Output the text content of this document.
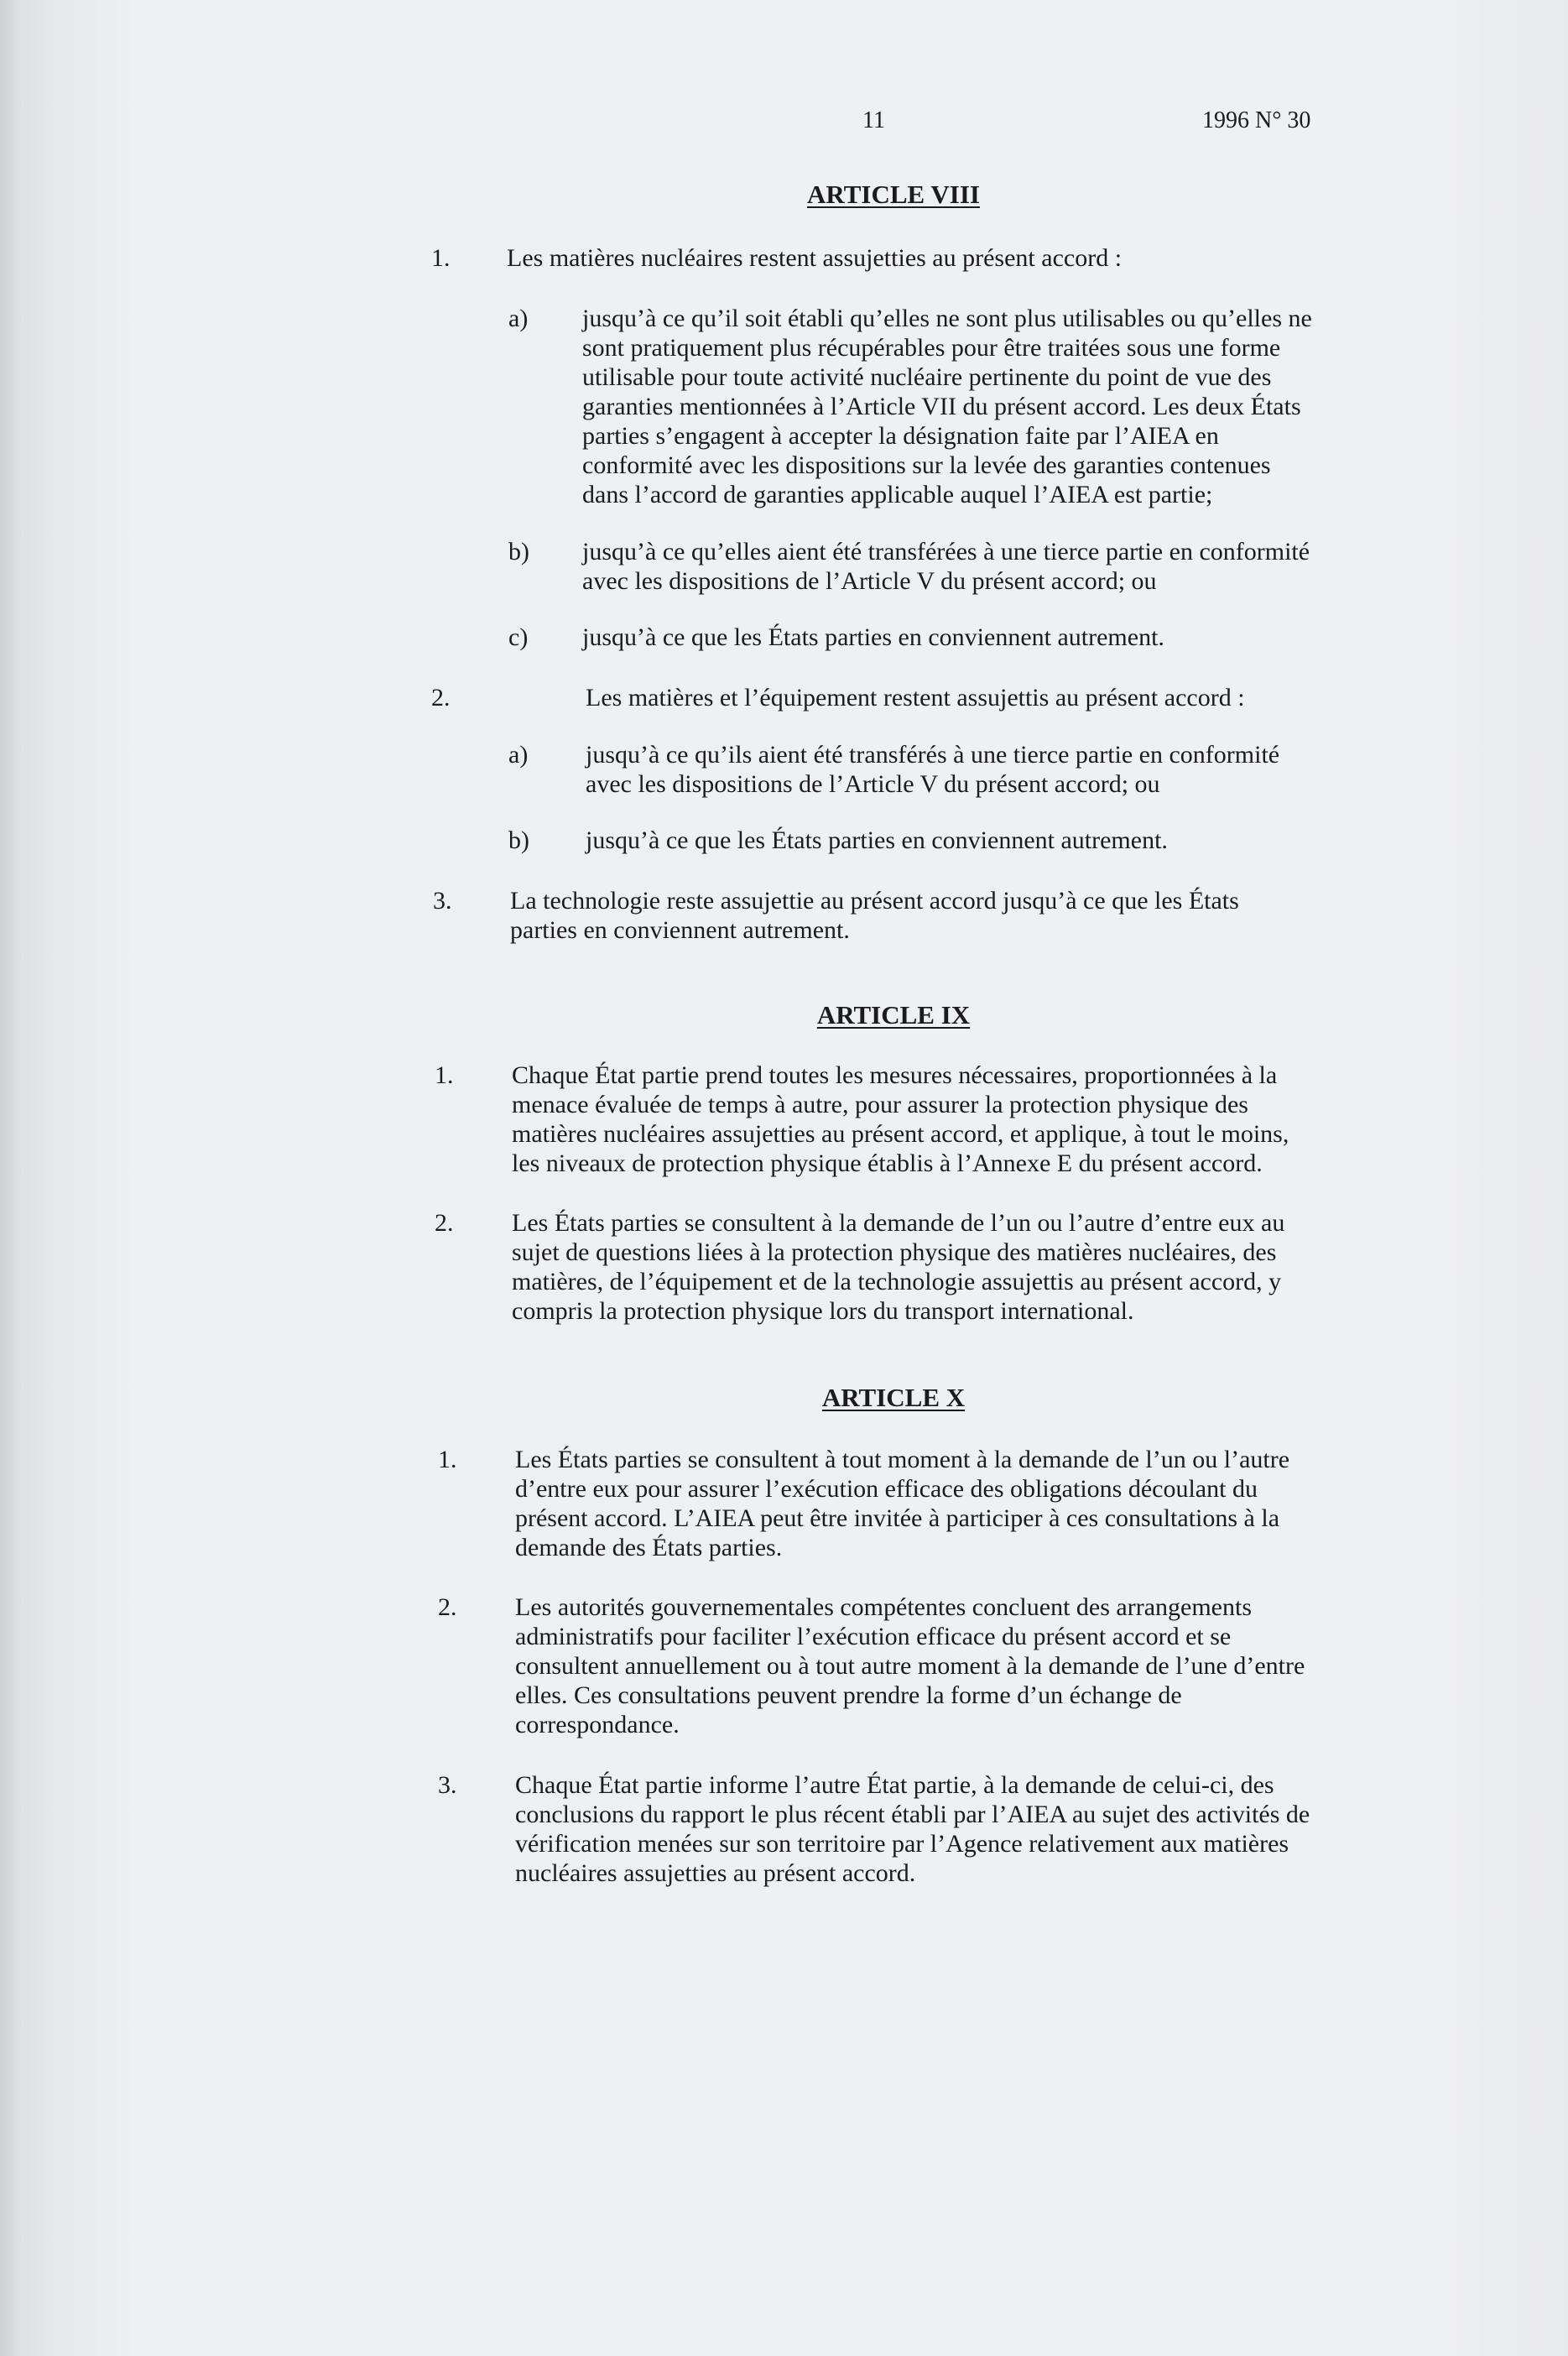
11	1996 N° 30
ARTICLE VIII
1. Les matières nucléaires restent assujetties au présent accord :
a) jusqu’à ce qu’il soit établi qu’elles ne sont plus utilisables ou qu’elles ne sont pratiquement plus récupérables pour être traitées sous une forme utilisable pour toute activité nucléaire pertinente du point de vue des garanties mentionnées à l’Article VII du présent accord. Les deux États parties s’engagent à accepter la désignation faite par l’AIEA en conformité avec les dispositions sur la levée des garanties contenues dans l’accord de garanties applicable auquel l’AIEA est partie;
b) jusqu’à ce qu’elles aient été transférées à une tierce partie en conformité avec les dispositions de l’Article V du présent accord; ou
c) jusqu’à ce que les États parties en conviennent autrement.
2.	Les matières et l’équipement restent assujettis au présent accord :
a) jusqu’à ce qu’ils aient été transférés à une tierce partie en conformité avec les dispositions de l’Article V du présent accord; ou
b) jusqu’à ce que les États parties en conviennent autrement.
3. La technologie reste assujettie au présent accord jusqu’à ce que les États parties en conviennent autrement.
ARTICLE IX
1. Chaque État partie prend toutes les mesures nécessaires, proportionnées à la menace évaluée de temps à autre, pour assurer la protection physique des matières nucléaires assujetties au présent accord, et applique, à tout le moins, les niveaux de protection physique établis à l’Annexe E du présent accord.
2. Les États parties se consultent à la demande de l’un ou l’autre d’entre eux au sujet de questions liées à la protection physique des matières nucléaires, des matières, de l’équipement et de la technologie assujettis au présent accord, y compris la protection physique lors du transport international.
ARTICLE X
1. Les États parties se consultent à tout moment à la demande de l’un ou l’autre d’entre eux pour assurer l’exécution efficace des obligations découlant du présent accord. L’AIEA peut être invitée à participer à ces consultations à la demande des États parties.
2. Les autorités gouvernementales compétentes concluent des arrangements administratifs pour faciliter l’exécution efficace du présent accord et se consultent annuellement ou à tout autre moment à la demande de l’une d’entre elles. Ces consultations peuvent prendre la forme d’un échange de correspondance.
3. Chaque État partie informe l’autre État partie, à la demande de celui-ci, des conclusions du rapport le plus récent établi par l’AIEA au sujet des activités de vérification menées sur son territoire par l’Agence relativement aux matières nucléaires assujetties au présent accord.
